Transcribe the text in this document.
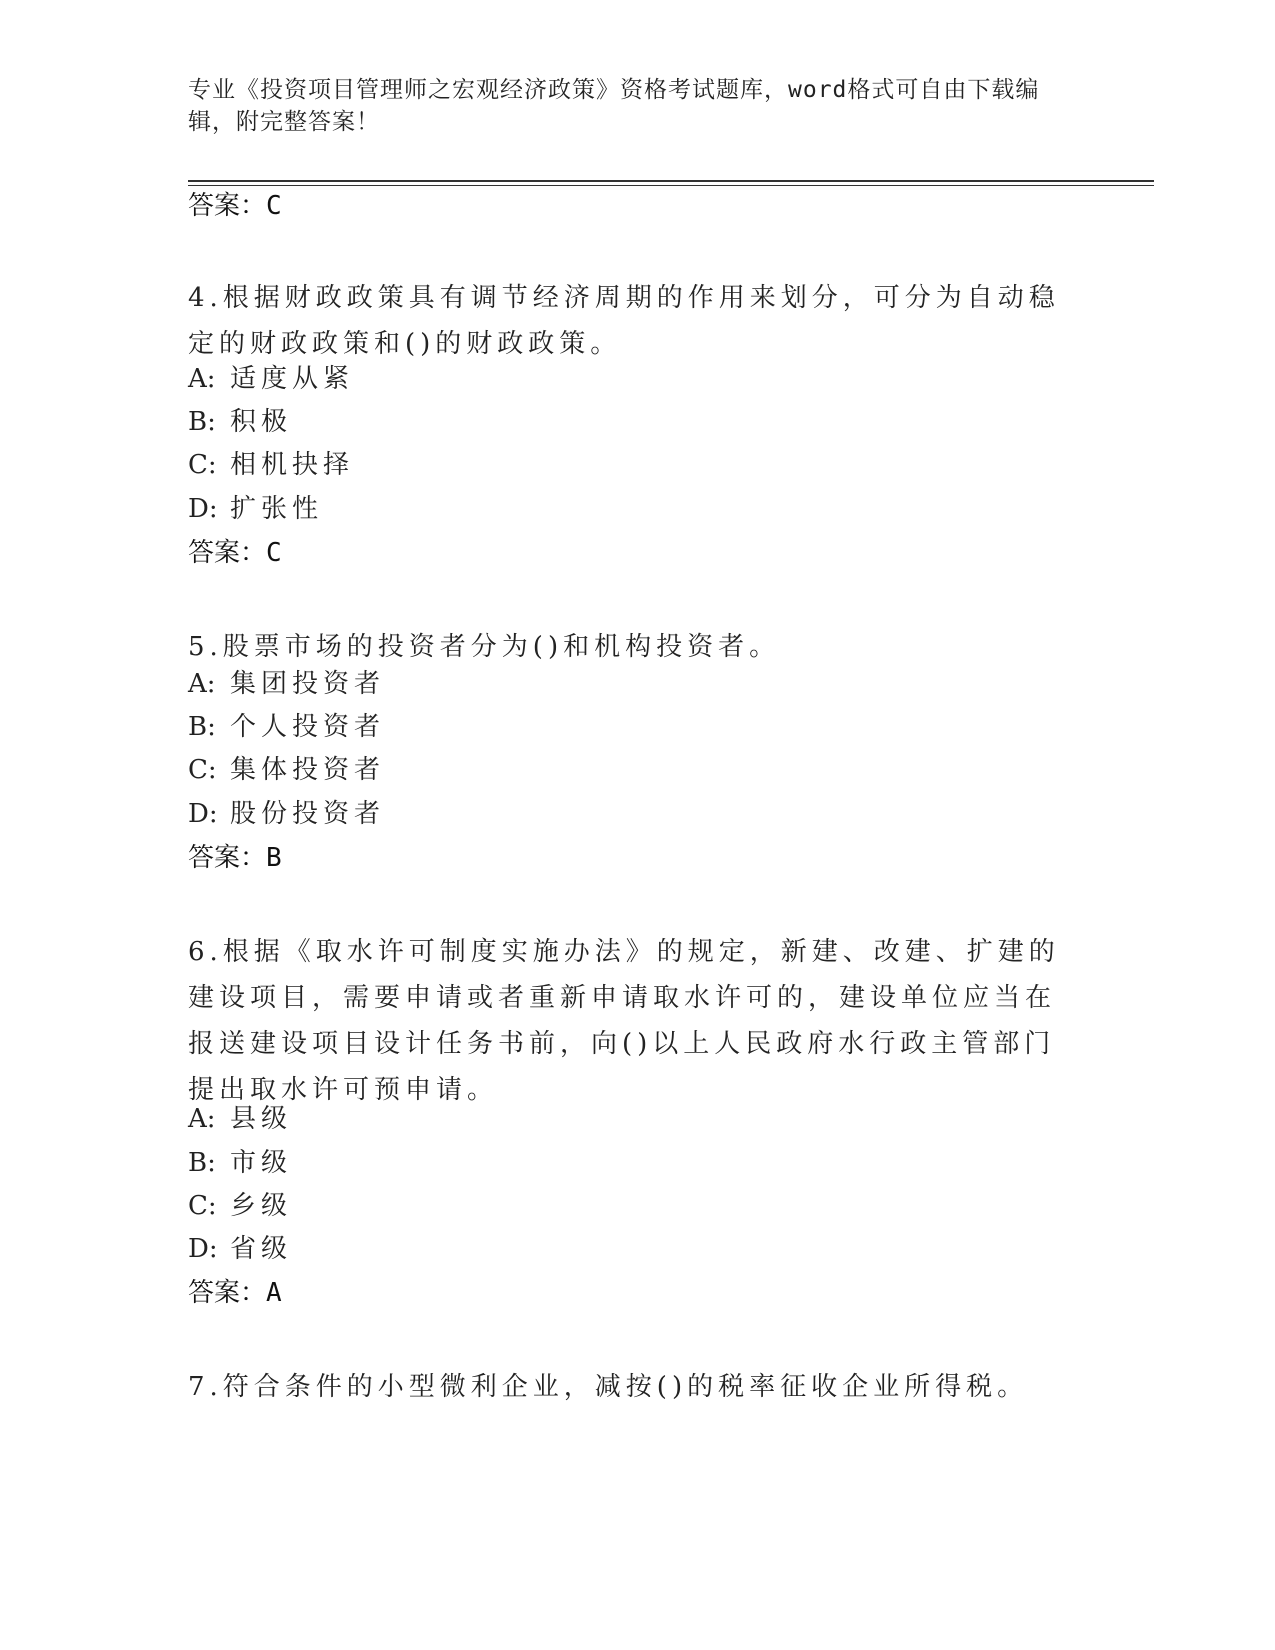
专业《投资项目管理师之宏观经济政策》资格考试题库，word格式可自由下载编辑，附完整答案！
答案：C
4.根据财政政策具有调节经济周期的作用来划分，可分为自动稳定的财政政策和()的财政政策。
A: 适度从紧
B: 积极
C: 相机抉择
D: 扩张性
答案：C
5.股票市场的投资者分为()和机构投资者。
A: 集团投资者
B: 个人投资者
C: 集体投资者
D: 股份投资者
答案：B
6.根据《取水许可制度实施办法》的规定，新建、改建、扩建的建设项目，需要申请或者重新申请取水许可的，建设单位应当在报送建设项目设计任务书前，向()以上人民政府水行政主管部门提出取水许可预申请。
A: 县级
B: 市级
C: 乡级
D: 省级
答案：A
7.符合条件的小型微利企业，减按()的税率征收企业所得税。
